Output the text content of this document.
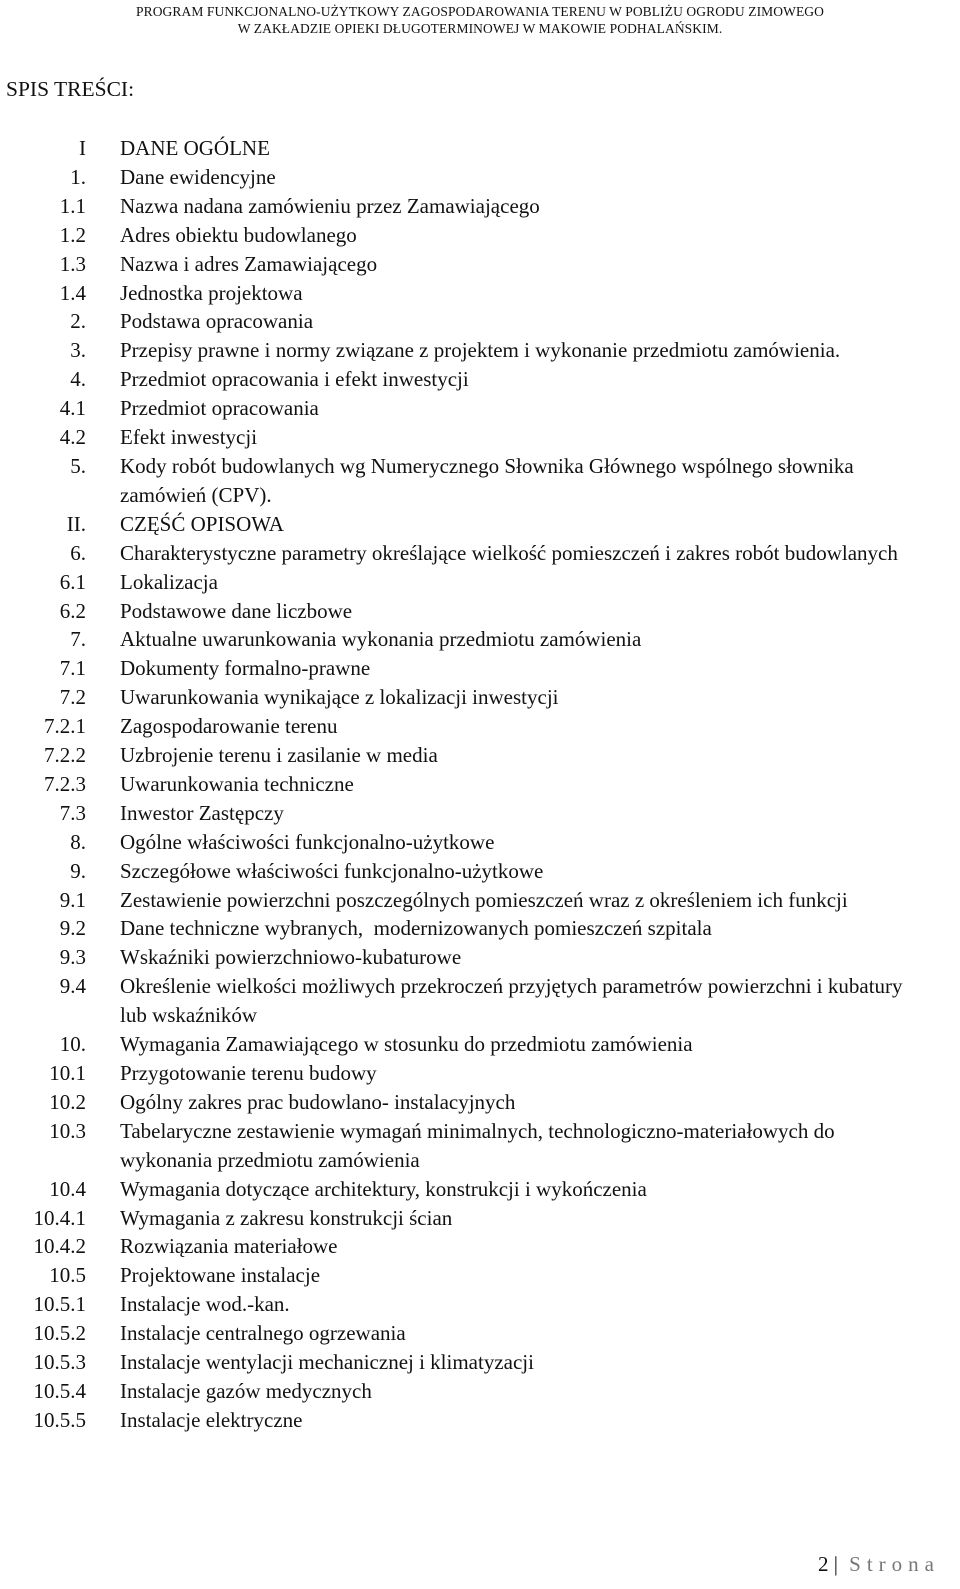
PROGRAM FUNKCJONALNO-UŻYTKOWY ZAGOSPODAROWANIA TERENU W POBLIŻU OGRODU ZIMOWEGO
W ZAKŁADZIE OPIEKI DŁUGOTERMINOWEJ W MAKOWIE PODHALAŃSKIM.
SPIS TREŚCI:
I DANE OGÓLNE
1. Dane ewidencyjne
1.1 Nazwa nadana zamówieniu przez Zamawiającego
1.2 Adres obiektu budowlanego
1.3 Nazwa i adres Zamawiającego
1.4 Jednostka projektowa
2. Podstawa opracowania
3. Przepisy prawne i normy związane z projektem i wykonanie przedmiotu zamówienia.
4. Przedmiot opracowania i efekt inwestycji
4.1 Przedmiot opracowania
4.2 Efekt inwestycji
5. Kody robót budowlanych wg Numerycznego Słownika Głównego wspólnego słownika zamówień (CPV).
II. CZĘŚĆ OPISOWA
6. Charakterystyczne parametry określające wielkość pomieszczeń i zakres robót budowlanych
6.1 Lokalizacja
6.2 Podstawowe dane liczbowe
7. Aktualne uwarunkowania wykonania przedmiotu zamówienia
7.1 Dokumenty formalno-prawne
7.2 Uwarunkowania wynikające z lokalizacji inwestycji
7.2.1 Zagospodarowanie terenu
7.2.2 Uzbrojenie terenu i zasilanie w media
7.2.3 Uwarunkowania techniczne
7.3 Inwestor Zastępczy
8. Ogólne właściwości funkcjonalno-użytkowe
9. Szczegółowe właściwości funkcjonalno-użytkowe
9.1 Zestawienie powierzchni poszczególnych pomieszczeń wraz z określeniem ich funkcji
9.2 Dane techniczne wybranych,  modernizowanych pomieszczeń szpitala
9.3 Wskaźniki powierzchniowo-kubaturowe
9.4 Określenie wielkości możliwych przekroczeń przyjętych parametrów powierzchni i kubatury lub wskaźników
10. Wymagania Zamawiającego w stosunku do przedmiotu zamówienia
10.1 Przygotowanie terenu budowy
10.2 Ogólny zakres prac budowlano- instalacyjnych
10.3 Tabelaryczne zestawienie wymagań minimalnych, technologiczno-materiałowych do wykonania przedmiotu zamówienia
10.4 Wymagania dotyczące architektury, konstrukcji i wykończenia
10.4.1 Wymagania z zakresu konstrukcji ścian
10.4.2 Rozwiązania materiałowe
10.5 Projektowane instalacje
10.5.1 Instalacje wod.-kan.
10.5.2 Instalacje centralnego ogrzewania
10.5.3 Instalacje wentylacji mechanicznej i klimatyzacji
10.5.4 Instalacje gazów medycznych
10.5.5 Instalacje elektryczne
2 | Strona
